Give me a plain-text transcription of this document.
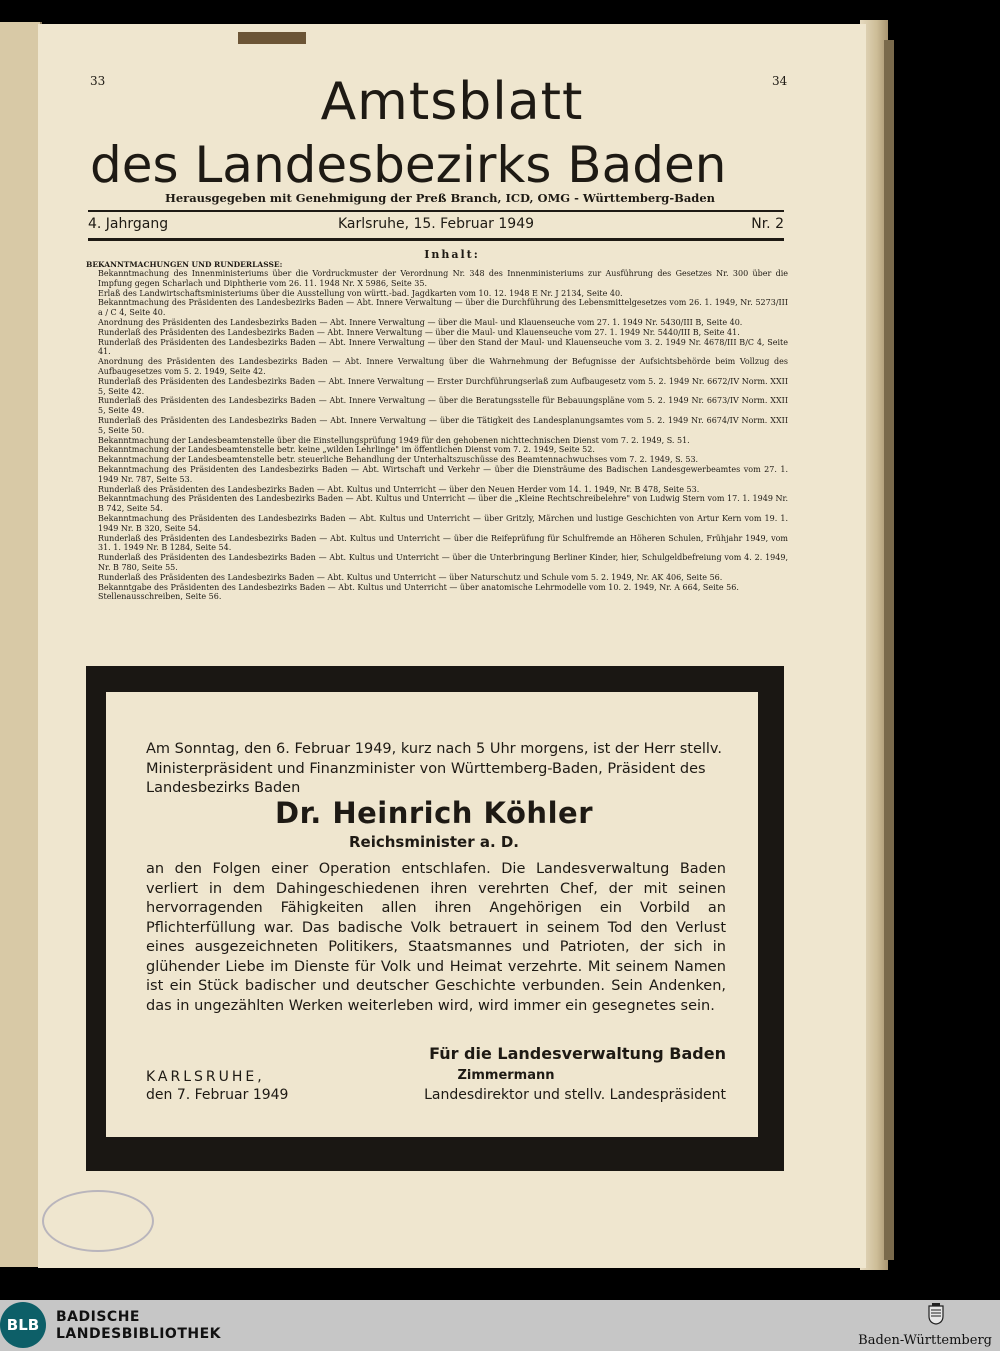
33	34
Amtsblatt
des Landesbezirks Baden
Herausgegeben mit Genehmigung der Preß Branch, ICD, OMG - Württemberg-Baden
4. Jahrgang	Karlsruhe, 15. Februar 1949	Nr. 2
Inhalt:
BEKANNTMACHUNGEN UND RUNDERLASSE:

Bekanntmachung des Innenministeriums über die Vordruckmuster der Verordnung Nr. 348 des Innenministeriums zur Ausführung des Gesetzes Nr. 300 über die Impfung gegen Scharlach und Diphtherie vom 26. 11. 1948 Nr. X 5986, Seite 35.

Erlaß des Landwirtschaftsministeriums über die Ausstellung von württ.-bad. Jagdkarten vom 10. 12. 1948 E Nr. J 2134, Seite 40.

Bekanntmachung des Präsidenten des Landesbezirks Baden — Abt. Innere Verwaltung — über die Durchführung des Lebensmittelgesetzes vom 26. 1. 1949, Nr. 5273/III a / C 4, Seite 40.

Anordnung des Präsidenten des Landesbezirks Baden — Abt. Innere Verwaltung — über die Maul- und Klauenseuche vom 27. 1. 1949 Nr. 5430/III B, Seite 40.

Runderlaß des Präsidenten des Landesbezirks Baden — Abt. Innere Verwaltung — über die Maul- und Klauenseuche vom 27. 1. 1949 Nr. 5440/III B, Seite 41.

Runderlaß des Präsidenten des Landesbezirks Baden — Abt. Innere Verwaltung — über den Stand der Maul- und Klauenseuche vom 3. 2. 1949 Nr. 4678/III B/C 4, Seite 41.

Anordnung des Präsidenten des Landesbezirks Baden — Abt. Innere Verwaltung über die Wahrnehmung der Befugnisse der Aufsichtsbehörde beim Vollzug des Aufbaugesetzes vom 5. 2. 1949, Seite 42.

Runderlaß des Präsidenten des Landesbezirks Baden — Abt. Innere Verwaltung — Erster Durchführungserlaß zum Aufbaugesetz vom 5. 2. 1949 Nr. 6672/IV Norm. XXII 5, Seite 42.

Runderlaß des Präsidenten des Landesbezirks Baden — Abt. Innere Verwaltung — über die Beratungsstelle für Bebauungspläne vom 5. 2. 1949 Nr. 6673/IV Norm. XXII 5, Seite 49.

Runderlaß des Präsidenten des Landesbezirks Baden — Abt. Innere Verwaltung — über die Tätigkeit des Landesplanungsamtes vom 5. 2. 1949 Nr. 6674/IV Norm. XXII 5, Seite 50.

Bekanntmachung der Landesbeamtenstelle über die Einstellungsprüfung 1949 für den gehobenen nichttechnischen Dienst vom 7. 2. 1949, S. 51.

Bekanntmachung der Landesbeamtenstelle betr. keine „wilden Lehrlinge" im öffentlichen Dienst vom 7. 2. 1949, Seite 52.

Bekanntmachung der Landesbeamtenstelle betr. steuerliche Behandlung der Unterhaltszuschüsse des Beamtennachwuchses vom 7. 2. 1949, S. 53.

Bekanntmachung des Präsidenten des Landesbezirks Baden — Abt. Wirtschaft und Verkehr — über die Diensträume des Badischen Landesgewerbeamtes vom 27. 1. 1949 Nr. 787, Seite 53.

Runderlaß des Präsidenten des Landesbezirks Baden — Abt. Kultus und Unterricht — über den Neuen Herder vom 14. 1. 1949, Nr. B 478, Seite 53.

Bekanntmachung des Präsidenten des Landesbezirks Baden — Abt. Kultus und Unterricht — über die „Kleine Rechtschreibelehre" von Ludwig Stern vom 17. 1. 1949 Nr. B 742, Seite 54.

Bekanntmachung des Präsidenten des Landesbezirks Baden — Abt. Kultus und Unterricht — über Gritzly, Märchen und lustige Geschichten von Artur Kern vom 19. 1. 1949 Nr. B 320, Seite 54.

Runderlaß des Präsidenten des Landesbezirks Baden — Abt. Kultus und Unterricht — über die Reifeprüfung für Schulfremde an Höheren Schulen, Frühjahr 1949, vom 31. 1. 1949 Nr. B 1284, Seite 54.

Runderlaß des Präsidenten des Landesbezirks Baden — Abt. Kultus und Unterricht — über die Unterbringung Berliner Kinder, hier, Schulgeldbefreiung vom 4. 2. 1949, Nr. B 780, Seite 55.

Runderlaß des Präsidenten des Landesbezirks Baden — Abt. Kultus und Unterricht — über Naturschutz und Schule vom 5. 2. 1949, Nr. AK 406, Seite 56.

Bekanntgabe des Präsidenten des Landesbezirks Baden — Abt. Kultus und Unterricht — über anatomische Lehrmodelle vom 10. 2. 1949, Nr. A 664, Seite 56.

Stellenausschreiben, Seite 56.

Am Sonntag, den 6. Februar 1949, kurz nach 5 Uhr morgens, ist der Herr stellv. Ministerpräsident und Finanzminister von Württemberg-Baden, Präsident des Landesbezirks Baden
Dr. Heinrich Köhler
Reichsminister a. D.
an den Folgen einer Operation entschlafen. Die Landesverwaltung Baden verliert in dem Dahingeschiedenen ihren verehrten Chef, der mit seinen hervorragenden Fähigkeiten allen ihren Angehörigen ein Vorbild an Pflichterfüllung war. Das badische Volk betrauert in seinem Tod den Verlust eines ausgezeichneten Politikers, Staatsmannes und Patrioten, der sich in glühender Liebe im Dienste für Volk und Heimat verzehrte. Mit seinem Namen ist ein Stück badischer und deutscher Geschichte verbunden. Sein Andenken, das in ungezählten Werken weiterleben wird, wird immer ein gesegnetes sein.
Für die Landesverwaltung Baden
KARLSRUHE,	Zimmermann
den 7. Februar 1949	Landesdirektor und stellv. Landespräsident
BLB	BADISCHE
LANDESBIBLIOTHEK	Baden-Württemberg
